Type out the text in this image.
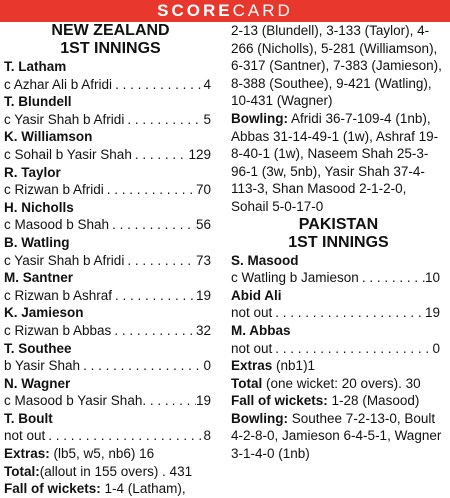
SCORECARD
NEW ZEALAND
1ST INNINGS
T. Latham
c Azhar Ali b Afridi . . .	4
T. Blundell
c Yasir Shah b Afridi . . .	5
K. Williamson
c Sohail b Yasir Shah . . .	129
R. Taylor
c Rizwan b Afridi . . .	70
H. Nicholls
c Masood b Shah . . .	56
B. Watling
c Yasir Shah b Afridi . . .	73
M. Santner
c Rizwan b Ashraf . . .	19
K. Jamieson
c Rizwan b Abbas . . .	32
T. Southee
b Yasir Shah . . .	0
N. Wagner
c Masood b Yasir Shah. . . . . . . 19
T. Boult
not out . . .	8
Extras: (lb5, w5, nb6) 16
Total:(allout in 155 overs) . 431
Fall of wickets: 1-4 (Latham),
2-13 (Blundell), 3-133 (Taylor), 4-266 (Nicholls), 5-281 (Williamson), 6-317 (Santner), 7-383 (Jamieson), 8-388 (Southee), 9-421 (Watling), 10-431 (Wagner)
Bowling: Afridi 36-7-109-4 (1nb), Abbas 31-14-49-1 (1w), Ashraf 19-8-40-1 (1w), Naseem Shah 25-3-96-1 (3w, 5nb), Yasir Shah 37-4-113-3, Shan Masood 2-1-2-0, Sohail 5-0-17-0
PAKISTAN
1ST INNINGS
S. Masood
c Watling b Jamieson . . .	10
Abid Ali
not out . . .	19
M. Abbas
not out . . .	0
Extras (nb1)1
Total (one wicket: 20 overs). 30
Fall of wickets: 1-28 (Masood)
Bowling: Southee 7-2-13-0, Boult 4-2-8-0, Jamieson 6-4-5-1, Wagner 3-1-4-0 (1nb)
